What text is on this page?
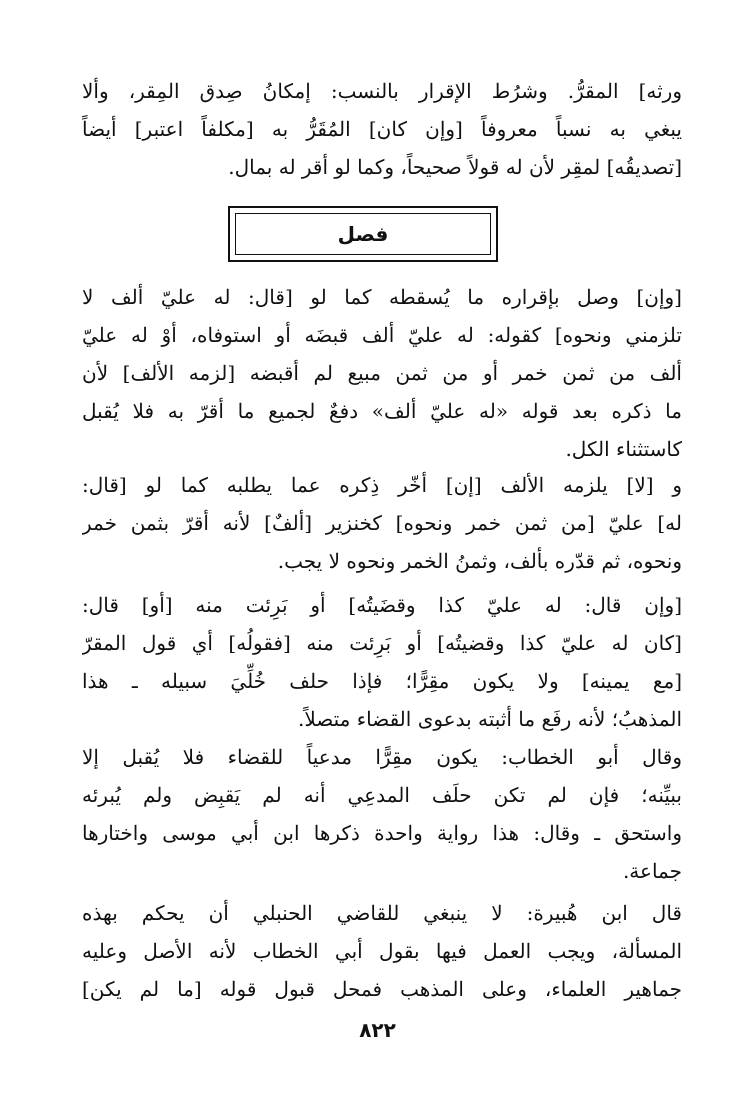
ورثه] المقرُّ. وشرُط الإقرار بالنسب: إمكانُ صِدق المِقر، وألا
يبغي به نسباً معروفاً [وإن كان] المُقَرُّ به [مكلفاً اعتبر] أيضاً
[تصديقُه] لمقِر لأن له قولاً صحيحاً، وكما لو أقر له بمال.
فصل
[وإن] وصل بإقراره ما يُسقطه كما لو [قال: له عليّ ألف لا
تلزمني ونحوه] كقوله: له عليّ ألف قبضَه أو استوفاه، أوْ له عليّ
ألف من ثمن خمر أو من ثمن مبيع لم أقبضه [لزمه الألف] لأن
ما ذكره بعد قوله «له عليّ ألف» دفعٌ لجميع ما أقرّ به فلا يُقبل
كاستثناء الكل.
و [لا] يلزمه الألف [إن] أخّر ذِكره عما يطلبه كما لو [قال:
له] عليّ [من ثمن خمر ونحوه] كخنزير [ألفٌ] لأنه أقرّ بثمن خمر
ونحوه، ثم قدّره بألف، وثمنُ الخمر ونحوه لا يجب.
[وإن قال: له عليّ كذا وقضَيتُه] أو بَرِئت منه [أو] قال:
[كان له عليّ كذا وقضيتُه] أو بَرِئت منه [فقولُه] أي قول المقرّ
[مع يمينه] ولا يكون مقِرًّا؛ فإذا حلف خُلِّيَ سبيله ـ هذا
المذهبُ؛ لأنه رفَع ما أثبته بدعوى القضاء متصلاً.
وقال أبو الخطاب: يكون مقِرًّا مدعياً للقضاء فلا يُقبل إلا
ببيِّنه؛ فإن لم تكن حلَف المدعِي أنه لم يَقبِض ولم يُبرئه
واستحق ـ وقال: هذا رواية واحدة ذكرها ابن أبي موسى واختارها
جماعة.
قال ابن هُبيرة: لا ينبغي للقاضي الحنبلي أن يحكم بهذه
المسألة، ويجب العمل فيها بقول أبي الخطاب لأنه الأصل وعليه
جماهير العلماء، وعلى المذهب فمحل قبول قوله [ما لم يكن]
٨٢٢
